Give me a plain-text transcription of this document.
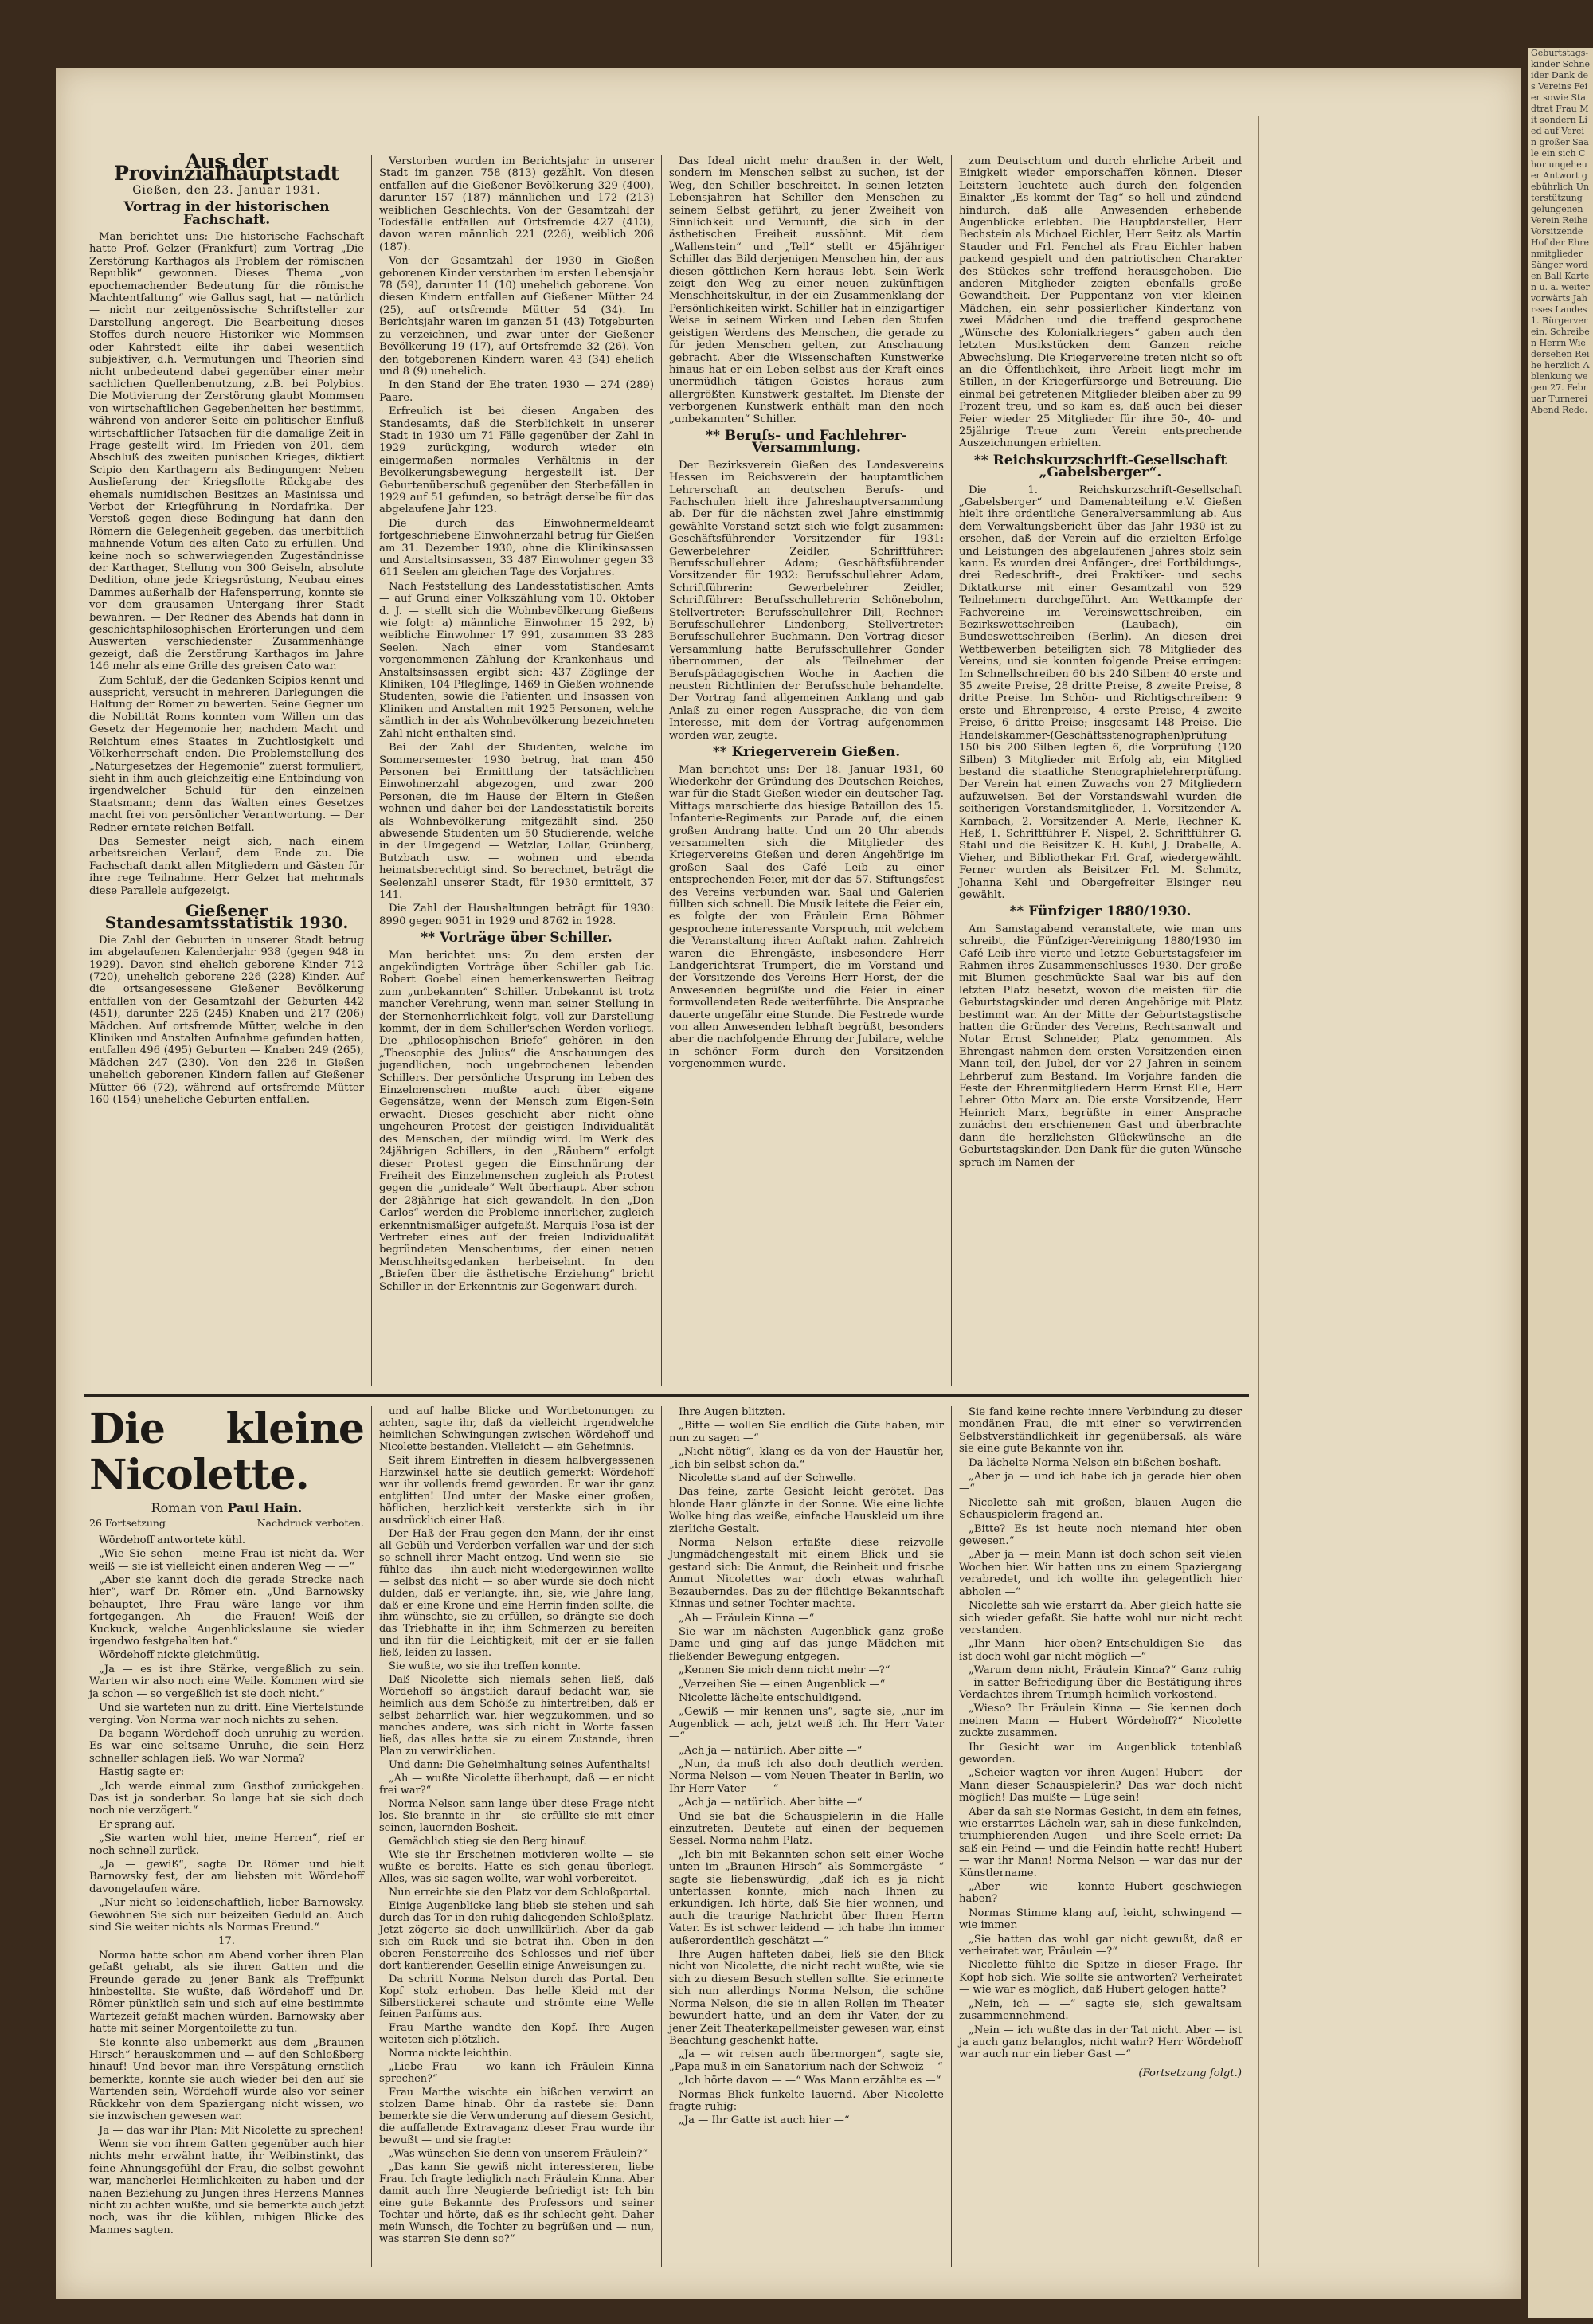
Aus der Provinzialhauptstadt
Gießen, den 23. Januar 1931.
Vortrag in der historischen Fachschaft.

Man berichtet uns: Die historische Fachschaft hatte Prof. Gelzer (Frankfurt) zum Vortrag „Die Zerstörung Karthagos als Problem der römischen Republik“ gewonnen. Dieses Thema „von epochemachender Bedeutung für die römische Machtentfaltung“ wie Gallus sagt, hat — natürlich — nicht nur zeitgenössische Schriftsteller zur Darstellung angeregt. Die Bearbeitung dieses Stoffes durch neuere Historiker wie Mommsen oder Kahrstedt eilte ihr dabei wesentlich subjektiver, d.h. Vermutungen und Theorien sind nicht unbedeutend dabei gegenüber einer mehr sachlichen Quellenbenutzung, z.B. bei Polybios. Die Motivierung der Zerstörung glaubt Mommsen von wirtschaftlichen Gegebenheiten her bestimmt, während von anderer Seite ein politischer Einfluß wirtschaftlicher Tatsachen für die damalige Zeit in Frage gestellt wird. Im Frieden von 201, dem Abschluß des zweiten punischen Krieges, diktiert Scipio den Karthagern als Bedingungen: Neben Auslieferung der Kriegsflotte Rückgabe des ehemals numidischen Besitzes an Masinissa und Verbot der Kriegführung in Nordafrika. Der Verstoß gegen diese Bedingung hat dann den Römern die Gelegenheit gegeben, das unerbittlich mahnende Votum des alten Cato zu erfüllen. Und keine noch so schwerwiegenden Zugeständnisse der Karthager, Stellung von 300 Geiseln, absolute Dedition, ohne jede Kriegsrüstung, Neubau eines Dammes außerhalb der Hafensperrung, konnte sie vor dem grausamen Untergang ihrer Stadt bewahren. — Der Redner des Abends hat dann in geschichtsphilosophischen Erörterungen und dem Auswerten verschiedenster Zusammenhänge gezeigt, daß die Zerstörung Karthagos im Jahre 146 mehr als eine Grille des greisen Cato war.

Zum Schluß, der die Gedanken Scipios kennt und ausspricht, versucht in mehreren Darlegungen die Haltung der Römer zu bewerten. Seine Gegner um die Nobilität Roms konnten vom Willen um das Gesetz der Hegemonie her, nachdem Macht und Reichtum eines Staates in Zuchtlosigkeit und Völkerherrschaft enden. Die Problemstellung des „Naturgesetzes der Hegemonie“ zuerst formuliert, sieht in ihm auch gleichzeitig eine Entbindung von irgendwelcher Schuld für den einzelnen Staatsmann; denn das Walten eines Gesetzes macht frei von persönlicher Verantwortung. — Der Redner erntete reichen Beifall.

Das Semester neigt sich, nach einem arbeitsreichen Verlauf, dem Ende zu. Die Fachschaft dankt allen Mitgliedern und Gästen für ihre rege Teilnahme. Herr Gelzer hat mehrmals diese Parallele aufgezeigt.

Gießener Standesamtsstatistik 1930.

Die Zahl der Geburten in unserer Stadt betrug im abgelaufenen Kalenderjahr 938 (gegen 948 in 1929). Davon sind ehelich geborene Kinder 712 (720), unehelich geborene 226 (228) Kinder. Auf die ortsangesessene Gießener Bevölkerung entfallen von der Gesamtzahl der Geburten 442 (451), darunter 225 (245) Knaben und 217 (206) Mädchen. Auf ortsfremde Mütter, welche in den Kliniken und Anstalten Aufnahme gefunden hatten, entfallen 496 (495) Geburten — Knaben 249 (265), Mädchen 247 (230). Von den 226 in Gießen unehelich geborenen Kindern fallen auf Gießener Mütter 66 (72), während auf ortsfremde Mütter 160 (154) uneheliche Geburten entfallen.

Verstorben wurden im Berichtsjahr in unserer Stadt im ganzen 758 (813) gezählt. Von diesen entfallen auf die Gießener Bevölkerung 329 (400), darunter 157 (187) männlichen und 172 (213) weiblichen Geschlechts. Von der Gesamtzahl der Todesfälle entfallen auf Ortsfremde 427 (413), davon waren männlich 221 (226), weiblich 206 (187).

Von der Gesamtzahl der 1930 in Gießen geborenen Kinder verstarben im ersten Lebensjahr 78 (59), darunter 11 (10) unehelich geborene. Von diesen Kindern entfallen auf Gießener Mütter 24 (25), auf ortsfremde Mütter 54 (34). Im Berichtsjahr waren im ganzen 51 (43) Totgeburten zu verzeichnen, und zwar unter der Gießener Bevölkerung 19 (17), auf Ortsfremde 32 (26). Von den totgeborenen Kindern waren 43 (34) ehelich und 8 (9) unehelich.

In den Stand der Ehe traten 1930 — 274 (289) Paare.

Erfreulich ist bei diesen Angaben des Standesamts, daß die Sterblichkeit in unserer Stadt in 1930 um 71 Fälle gegenüber der Zahl in 1929 zurückging, wodurch wieder ein einigermaßen normales Verhältnis in der Bevölkerungsbewegung hergestellt ist. Der Geburtenüberschuß gegenüber den Sterbefällen in 1929 auf 51 gefunden, so beträgt derselbe für das abgelaufene Jahr 123.

Die durch das Einwohnermeldeamt fortgeschriebene Einwohnerzahl betrug für Gießen am 31. Dezember 1930, ohne die Klinikinsassen und Anstaltsinsassen, 33 487 Einwohner gegen 33 611 Seelen am gleichen Tage des Vorjahres.

Nach Feststellung des Landesstatistischen Amts — auf Grund einer Volkszählung vom 10. Oktober d. J. — stellt sich die Wohnbevölkerung Gießens wie folgt: a) männliche Einwohner 15 292, b) weibliche Einwohner 17 991, zusammen 33 283 Seelen. Nach einer vom Standesamt vorgenommenen Zählung der Krankenhaus- und Anstaltsinsassen ergibt sich: 437 Zöglinge der Kliniken, 104 Pfleglinge, 1469 in Gießen wohnende Studenten, sowie die Patienten und Insassen von Kliniken und Anstalten mit 1925 Personen, welche sämtlich in der als Wohnbevölkerung bezeichneten Zahl nicht enthalten sind.

Bei der Zahl der Studenten, welche im Sommersemester 1930 betrug, hat man 450 Personen bei Ermittlung der tatsächlichen Einwohnerzahl abgezogen, und zwar 200 Personen, die im Hause der Eltern in Gießen wohnen und daher bei der Landesstatistik bereits als Wohnbevölkerung mitgezählt sind, 250 abwesende Studenten um 50 Studierende, welche in der Umgegend — Wetzlar, Lollar, Grünberg, Butzbach usw. — wohnen und ebenda heimatsberechtigt sind. So berechnet, beträgt die Seelenzahl unserer Stadt, für 1930 ermittelt, 37 141.

Die Zahl der Haushaltungen beträgt für 1930: 8990 gegen 9051 in 1929 und 8762 in 1928.

** Vorträge über Schiller.

Man berichtet uns: Zu dem ersten der angekündigten Vorträge über Schiller gab Lic. Robert Goebel einen bemerkenswerten Beitrag zum „unbekannten“ Schiller. Unbekannt ist trotz mancher Verehrung, wenn man seiner Stellung in der Sternenherrlichkeit folgt, voll zur Darstellung kommt, der in dem Schiller'schen Werden vorliegt. Die „philosophischen Briefe“ gehören in den „Theosophie des Julius“ die Anschauungen des jugendlichen, noch ungebrochenen lebenden Schillers. Der persönliche Ursprung im Leben des Einzelmenschen mußte auch über eigene Gegensätze, wenn der Mensch zum Eigen-Sein erwacht. Dieses geschieht aber nicht ohne ungeheuren Protest der geistigen Individualität des Menschen, der mündig wird. Im Werk des 24jährigen Schillers, in den „Räubern“ erfolgt dieser Protest gegen die Einschnürung der Freiheit des Einzelmenschen zugleich als Protest gegen die „unideale“ Welt überhaupt. Aber schon der 28jährige hat sich gewandelt. In den „Don Carlos“ werden die Probleme innerlicher, zugleich erkenntnismäßiger aufgefaßt. Marquis Posa ist der Vertreter eines auf der freien Individualität begründeten Menschentums, der einen neuen Menschheitsgedanken herbeisehnt. In den „Briefen über die ästhetische Erziehung“ bricht Schiller in der Erkenntnis zur Gegenwart durch.

Das Ideal nicht mehr draußen in der Welt, sondern im Menschen selbst zu suchen, ist der Weg, den Schiller beschreitet. In seinen letzten Lebensjahren hat Schiller den Menschen zu seinem Selbst geführt, zu jener Zweiheit von Sinnlichkeit und Vernunft, die sich in der ästhetischen Freiheit aussöhnt. Mit dem „Wallenstein“ und „Tell“ stellt er 45jähriger Schiller das Bild derjenigen Menschen hin, der aus diesen göttlichen Kern heraus lebt. Sein Werk zeigt den Weg zu einer neuen zukünftigen Menschheitskultur, in der ein Zusammenklang der Persönlichkeiten wirkt. Schiller hat in einzigartiger Weise in seinem Wirken und Leben den Stufen geistigen Werdens des Menschen, die gerade zu für jeden Menschen gelten, zur Anschauung gebracht. Aber die Wissenschaften Kunstwerke hinaus hat er ein Leben selbst aus der Kraft eines unermüdlich tätigen Geistes heraus zum allergrößten Kunstwerk gestaltet. Im Dienste der verborgenen Kunstwerk enthält man den noch „unbekannten“ Schiller.

** Berufs- und Fachlehrer-Versammlung.

Der Bezirksverein Gießen des Landesvereins Hessen im Reichsverein der hauptamtlichen Lehrerschaft an deutschen Berufs- und Fachschulen hielt ihre Jahreshauptversammlung ab. Der für die nächsten zwei Jahre einstimmig gewählte Vorstand setzt sich wie folgt zusammen: Geschäftsführender Vorsitzender für 1931: Gewerbelehrer Zeidler, Schriftführer: Berufsschullehrer Adam; Geschäftsführender Vorsitzender für 1932: Berufsschullehrer Adam, Schriftführerin: Gewerbelehrer Zeidler, Schriftführer: Berufsschullehrerin Schönebohm, Stellvertreter: Berufsschullehrer Dill, Rechner: Berufsschullehrer Lindenberg, Stellvertreter: Berufsschullehrer Buchmann. Den Vortrag dieser Versammlung hatte Berufsschullehrer Gonder übernommen, der als Teilnehmer der Berufspädagogischen Woche in Aachen die neusten Richtlinien der Berufsschule behandelte. Der Vortrag fand allgemeinen Anklang und gab Anlaß zu einer regen Aussprache, die von dem Interesse, mit dem der Vortrag aufgenommen worden war, zeugte.

** Kriegerverein Gießen.

Man berichtet uns: Der 18. Januar 1931, 60 Wiederkehr der Gründung des Deutschen Reiches, war für die Stadt Gießen wieder ein deutscher Tag. Mittags marschierte das hiesige Bataillon des 15. Infanterie-Regiments zur Parade auf, die einen großen Andrang hatte. Und um 20 Uhr abends versammelten sich die Mitglieder des Kriegervereins Gießen und deren Angehörige im großen Saal des Café Leib zu einer entsprechenden Feier, mit der das 57. Stiftungsfest des Vereins verbunden war. Saal und Galerien füllten sich schnell. Die Musik leitete die Feier ein, es folgte der von Fräulein Erna Böhmer gesprochene interessante Vorspruch, mit welchem die Veranstaltung ihren Auftakt nahm. Zahlreich waren die Ehrengäste, insbesondere Herr Landgerichtsrat Trumpert, die im Vorstand und der Vorsitzende des Vereins Herr Horst, der die Anwesenden begrüßte und die Feier in einer formvollendeten Rede weiterführte. Die Ansprache dauerte ungefähr eine Stunde. Die Festrede wurde von allen Anwesenden lebhaft begrüßt, besonders aber die nachfolgende Ehrung der Jubilare, welche in schöner Form durch den Vorsitzenden vorgenommen wurde.

zum Deutschtum und durch ehrliche Arbeit und Einigkeit wieder emporschaffen können. Dieser Leitstern leuchtete auch durch den folgenden Einakter „Es kommt der Tag“ so hell und zündend hindurch, daß alle Anwesenden erhebende Augenblicke erlebten. Die Hauptdarsteller, Herr Bechstein als Michael Eichler, Herr Seitz als Martin Stauder und Frl. Fenchel als Frau Eichler haben packend gespielt und den patriotischen Charakter des Stückes sehr treffend herausgehoben. Die anderen Mitglieder zeigten ebenfalls große Gewandtheit. Der Puppentanz von vier kleinen Mädchen, ein sehr possierlicher Kindertanz von zwei Mädchen und die treffend gesprochene „Wünsche des Kolonialkriegers“ gaben auch den letzten Musikstücken dem Ganzen reiche Abwechslung. Die Kriegervereine treten nicht so oft an die Öffentlichkeit, ihre Arbeit liegt mehr im Stillen, in der Kriegerfürsorge und Betreuung. Die einmal bei getretenen Mitglieder bleiben aber zu 99 Prozent treu, und so kam es, daß auch bei dieser Feier wieder 25 Mitglieder für ihre 50-, 40- und 25jährige Treue zum Verein entsprechende Auszeichnungen erhielten.

** Reichskurzschrift-Gesellschaft „Gabelsberger“.

Die 1. Reichskurzschrift-Gesellschaft „Gabelsberger“ und Damenabteilung e.V. Gießen hielt ihre ordentliche Generalversammlung ab. Aus dem Verwaltungsbericht über das Jahr 1930 ist zu ersehen, daß der Verein auf die erzielten Erfolge und Leistungen des abgelaufenen Jahres stolz sein kann. Es wurden drei Anfänger-, drei Fortbildungs-, drei Redeschrift-, drei Praktiker- und sechs Diktatkurse mit einer Gesamtzahl von 529 Teilnehmern durchgeführt. Am Wettkampfe der Fachvereine im Vereinswettschreiben, ein Bezirkswettschreiben (Laubach), ein Bundeswettschreiben (Berlin). An diesen drei Wettbewerben beteiligten sich 78 Mitglieder des Vereins, und sie konnten folgende Preise erringen: Im Schnellschreiben 60 bis 240 Silben: 40 erste und 35 zweite Preise, 28 dritte Preise, 8 zweite Preise, 8 dritte Preise. Im Schön- und Richtigschreiben: 9 erste und Ehrenpreise, 4 erste Preise, 4 zweite Preise, 6 dritte Preise; insgesamt 148 Preise. Die Handelskammer-(Geschäftsstenographen)prüfung 150 bis 200 Silben legten 6, die Vorprüfung (120 Silben) 3 Mitglieder mit Erfolg ab, ein Mitglied bestand die staatliche Stenographielehrerprüfung. Der Verein hat einen Zuwachs von 27 Mitgliedern aufzuweisen. Bei der Vorstandswahl wurden die seitherigen Vorstandsmitglieder, 1. Vorsitzender A. Karnbach, 2. Vorsitzender A. Merle, Rechner K. Heß, 1. Schriftführer F. Nispel, 2. Schriftführer G. Stahl und die Beisitzer K. H. Kuhl, J. Drabelle, A. Vieher, und Bibliothekar Frl. Graf, wiedergewählt. Ferner wurden als Beisitzer Frl. M. Schmitz, Johanna Kehl und Obergefreiter Elsinger neu gewählt.

** Fünfziger 1880/1930.

Am Samstagabend veranstaltete, wie man uns schreibt, die Fünfziger-Vereinigung 1880/1930 im Café Leib ihre vierte und letzte Geburtstagsfeier im Rahmen ihres Zusammenschlusses 1930. Der große mit Blumen geschmückte Saal war bis auf den letzten Platz besetzt, wovon die meisten für die Geburtstagskinder und deren Angehörige mit Platz bestimmt war. An der Mitte der Geburtstagstische hatten die Gründer des Vereins, Rechtsanwalt und Notar Ernst Schneider, Platz genommen. Als Ehrengast nahmen dem ersten Vorsitzenden einen Mann teil, den Jubel, der vor 27 Jahren in seinem Lehrberuf zum Bestand. Im Vorjahre fanden die Feste der Ehrenmitgliedern Herrn Ernst Elle, Herr Lehrer Otto Marx an. Die erste Vorsitzende, Herr Heinrich Marx, begrüßte in einer Ansprache zunächst den erschienenen Gast und überbrachte dann die herzlichsten Glückwünsche an die Geburtstagskinder. Den Dank für die guten Wünsche sprach im Namen der

Die kleine Nicolette.
Roman von Paul Hain.
26 Fortsetzung	Nachdruck verboten.

Wördehoff antwortete kühl.

„Wie Sie sehen — meine Frau ist nicht da. Wer weiß — sie ist vielleicht einen anderen Weg — —“

„Aber sie kannt doch die gerade Strecke nach hier“, warf Dr. Römer ein. „Und Barnowsky behauptet, Ihre Frau wäre lange vor ihm fortgegangen. Ah — die Frauen! Weiß der Kuckuck, welche Augenblickslaune sie wieder irgendwo festgehalten hat.“

Wördehoff nickte gleichmütig.

„Ja — es ist ihre Stärke, vergeßlich zu sein. Warten wir also noch eine Weile. Kommen wird sie ja schon — so vergeßlich ist sie doch nicht.“

Und sie warteten nun zu dritt. Eine Viertelstunde verging. Von Norma war noch nichts zu sehen.

Da begann Wördehoff doch unruhig zu werden. Es war eine seltsame Unruhe, die sein Herz schneller schlagen ließ. Wo war Norma?

Hastig sagte er:

„Ich werde einmal zum Gasthof zurückgehen. Das ist ja sonderbar. So lange hat sie sich doch noch nie verzögert.“

Er sprang auf.

„Sie warten wohl hier, meine Herren“, rief er noch schnell zurück.

„Ja — gewiß“, sagte Dr. Römer und hielt Barnowsky fest, der am liebsten mit Wördehoff davongelaufen wäre.

„Nur nicht so leidenschaftlich, lieber Barnowsky. Gewöhnen Sie sich nur beizeiten Geduld an. Auch sind Sie weiter nichts als Normas Freund.“

17.

Norma hatte schon am Abend vorher ihren Plan gefaßt gehabt, als sie ihren Gatten und die Freunde gerade zu jener Bank als Treffpunkt hinbestellte. Sie wußte, daß Wördehoff und Dr. Römer pünktlich sein und sich auf eine bestimmte Wartezeit gefaßt machen würden. Barnowsky aber hatte mit seiner Morgentoilette zu tun.

Sie konnte also unbemerkt aus dem „Braunen Hirsch“ herauskommen und — auf den Schloßberg hinauf! Und bevor man ihre Verspätung ernstlich bemerkte, konnte sie auch wieder bei den auf sie Wartenden sein, Wördehoff würde also vor seiner Rückkehr von dem Spaziergang nicht wissen, wo sie inzwischen gewesen war.

Ja — das war ihr Plan: Mit Nicolette zu sprechen!

Wenn sie von ihrem Gatten gegenüber auch hier nichts mehr erwähnt hatte, ihr Weibinstinkt, das feine Ahnungsgefühl der Frau, die selbst gewohnt war, mancherlei Heimlichkeiten zu haben und der nahen Beziehung zu Jungen ihres Herzens Mannes nicht zu achten wußte, und sie bemerkte auch jetzt noch, was ihr die kühlen, ruhigen Blicke des Mannes sagten.

und auf halbe Blicke und Wortbetonungen zu achten, sagte ihr, daß da vielleicht irgendwelche heimlichen Schwingungen zwischen Wördehoff und Nicolette bestanden. Vielleicht — ein Geheimnis.

Seit ihrem Eintreffen in diesem halbvergessenen Harzwinkel hatte sie deutlich gemerkt: Wördehoff war ihr vollends fremd geworden. Er war ihr ganz entglitten! Und unter der Maske einer großen, höflichen, herzlichkeit versteckte sich in ihr ausdrücklich einer Haß.

Der Haß der Frau gegen den Mann, der ihr einst all Gebüh und Verderben verfallen war und der sich so schnell ihrer Macht entzog. Und wenn sie — sie fühlte das — ihn auch nicht wiedergewinnen wollte — selbst das nicht — so aber würde sie doch nicht dulden, daß er verlangte, ihn, sie, wie Jahre lang, daß er eine Krone und eine Herrin finden sollte, die ihm wünschte, sie zu erfüllen, so drängte sie doch das Triebhafte in ihr, ihm Schmerzen zu bereiten und ihn für die Leichtigkeit, mit der er sie fallen ließ, leiden zu lassen.

Sie wußte, wo sie ihn treffen konnte.

Daß Nicolette sich niemals sehen ließ, daß Wördehoff so ängstlich darauf bedacht war, sie heimlich aus dem Schöße zu hintertreiben, daß er selbst beharrlich war, hier wegzukommen, und so manches andere, was sich nicht in Worte fassen ließ, das alles hatte sie zu einem Zustande, ihren Plan zu verwirklichen.

Und dann: Die Geheimhaltung seines Aufenthalts!

„Ah — wußte Nicolette überhaupt, daß — er nicht frei war?“

Norma Nelson sann lange über diese Frage nicht los. Sie brannte in ihr — sie erfüllte sie mit einer seinen, lauernden Bosheit. —

Gemächlich stieg sie den Berg hinauf.

Wie sie ihr Erscheinen motivieren wollte — sie wußte es bereits. Hatte es sich genau überlegt. Alles, was sie sagen wollte, war wohl vorbereitet.

Nun erreichte sie den Platz vor dem Schloßportal.

Einige Augenblicke lang blieb sie stehen und sah durch das Tor in den ruhig daliegenden Schloßplatz. Jetzt zögerte sie doch unwillkürlich. Aber da gab sich ein Ruck und sie betrat ihn. Oben in den oberen Fensterreihe des Schlosses und rief über dort kantierenden Gesellin einige Anweisungen zu.

Da schritt Norma Nelson durch das Portal. Den Kopf stolz erhoben. Das helle Kleid mit der Silberstickerei schaute und strömte eine Welle feinen Parfüms aus.

Frau Marthe wandte den Kopf. Ihre Augen weiteten sich plötzlich.

Norma nickte leichthin.

„Liebe Frau — wo kann ich Fräulein Kinna sprechen?“

Frau Marthe wischte ein bißchen verwirrt an stolzen Dame hinab. Ohr da rastete sie: Dann bemerkte sie die Verwunderung auf diesem Gesicht, die auffallende Extravaganz dieser Frau wurde ihr bewußt — und sie fragte:

„Was wünschen Sie denn von unserem Fräulein?“

„Das kann Sie gewiß nicht interessieren, liebe Frau. Ich fragte lediglich nach Fräulein Kinna. Aber damit auch Ihre Neugierde befriedigt ist: Ich bin eine gute Bekannte des Professors und seiner Tochter und hörte, daß es ihr schlecht geht. Daher mein Wunsch, die Tochter zu begrüßen und — nun, was starren Sie denn so?“

Ihre Augen blitzten.

„Bitte — wollen Sie endlich die Güte haben, mir nun zu sagen —“

„Nicht nötig“, klang es da von der Haustür her, „ich bin selbst schon da.“

Nicolette stand auf der Schwelle.

Das feine, zarte Gesicht leicht gerötet. Das blonde Haar glänzte in der Sonne. Wie eine lichte Wolke hing das weiße, einfache Hauskleid um ihre zierliche Gestalt.

Norma Nelson erfaßte diese reizvolle Jungmädchengestalt mit einem Blick und sie gestand sich: Die Anmut, die Reinheit und frische Anmut Nicolettes war doch etwas wahrhaft Bezauberndes. Das zu der flüchtige Bekanntschaft Kinnas und seiner Tochter machte.

„Ah — Fräulein Kinna —“

Sie war im nächsten Augenblick ganz große Dame und ging auf das junge Mädchen mit fließender Bewegung entgegen.

„Kennen Sie mich denn nicht mehr —?“

„Verzeihen Sie — einen Augenblick —“

Nicolette lächelte entschuldigend.

„Gewiß — mir kennen uns“, sagte sie, „nur im Augenblick — ach, jetzt weiß ich. Ihr Herr Vater —“

„Ach ja — natürlich. Aber bitte —“

„Nun, da muß ich also doch deutlich werden. Norma Nelson — vom Neuen Theater in Berlin, wo Ihr Herr Vater — —“

„Ach ja — natürlich. Aber bitte —“

Und sie bat die Schauspielerin in die Halle einzutreten. Deutete auf einen der bequemen Sessel. Norma nahm Platz.

„Ich bin mit Bekannten schon seit einer Woche unten im „Braunen Hirsch“ als Sommergäste —“ sagte sie liebenswürdig, „daß ich es ja nicht unterlassen konnte, mich nach Ihnen zu erkundigen. Ich hörte, daß Sie hier wohnen, und auch die traurige Nachricht über Ihren Herrn Vater. Es ist schwer leidend — ich habe ihn immer außerordentlich geschätzt —“

Ihre Augen hafteten dabei, ließ sie den Blick nicht von Nicolette, die nicht recht wußte, wie sie sich zu diesem Besuch stellen sollte. Sie erinnerte sich nun allerdings Norma Nelson, die schöne Norma Nelson, die sie in allen Rollen im Theater bewundert hatte, und an dem ihr Vater, der zu jener Zeit Theaterkapellmeister gewesen war, einst Beachtung geschenkt hatte.

„Ja — wir reisen auch übermorgen“, sagte sie, „Papa muß in ein Sanatorium nach der Schweiz —“

„Ich hörte davon — —“ Was Mann erzählte es —“

Normas Blick funkelte lauernd. Aber Nicolette fragte ruhig:

„Ja — Ihr Gatte ist auch hier —“

Sie fand keine rechte innere Verbindung zu dieser mondänen Frau, die mit einer so verwirrenden Selbstverständlichkeit ihr gegenübersaß, als wäre sie eine gute Bekannte von ihr.

Da lächelte Norma Nelson ein bißchen boshaft.

„Aber ja — und ich habe ich ja gerade hier oben —“

Nicolette sah mit großen, blauen Augen die Schauspielerin fragend an.

„Bitte? Es ist heute noch niemand hier oben gewesen.“

„Aber ja — mein Mann ist doch schon seit vielen Wochen hier. Wir hatten uns zu einem Spaziergang verabredet, und ich wollte ihn gelegentlich hier abholen —“

Nicolette sah wie erstarrt da. Aber gleich hatte sie sich wieder gefaßt. Sie hatte wohl nur nicht recht verstanden.

„Ihr Mann — hier oben? Entschuldigen Sie — das ist doch wohl gar nicht möglich —“

„Warum denn nicht, Fräulein Kinna?“ Ganz ruhig — in satter Befriedigung über die Bestätigung ihres Verdachtes ihrem Triumph heimlich vorkostend.

„Wieso? Ihr Fräulein Kinna — Sie kennen doch meinen Mann — Hubert Wördehoff?“ Nicolette zuckte zusammen.

Ihr Gesicht war im Augenblick totenblaß geworden.

„Scheier wagten vor ihren Augen! Hubert — der Mann dieser Schauspielerin? Das war doch nicht möglich! Das mußte — Lüge sein!

Aber da sah sie Normas Gesicht, in dem ein feines, wie erstarrtes Lächeln war, sah in diese funkelnden, triumphierenden Augen — und ihre Seele erriet: Da saß ein Feind — und die Feindin hatte recht! Hubert — war ihr Mann! Norma Nelson — war das nur der Künstlername.

„Aber — wie — konnte Hubert geschwiegen haben?

Normas Stimme klang auf, leicht, schwingend — wie immer.

„Sie hatten das wohl gar nicht gewußt, daß er verheiratet war, Fräulein —?“

Nicolette fühlte die Spitze in dieser Frage. Ihr Kopf hob sich. Wie sollte sie antworten? Verheiratet — wie war es möglich, daß Hubert gelogen hatte?

„Nein, ich — —“ sagte sie, sich gewaltsam zusammennehmend.

„Nein — ich wußte das in der Tat nicht. Aber — ist ja auch ganz belanglos, nicht wahr? Herr Wördehoff war auch nur ein lieber Gast —“

(Fortsetzung folgt.)
Geburtstags-kinder Schneider Dank des Vereins Feier sowie Stadtrat Frau Mit sondern Lied auf Verein großer Saale ein sich Chor ungeheuer Antwort gebührlich Unterstützung gelungenen Verein Reihe Vorsitzende Hof der Ehrenmitglieder Sänger worden Ball Karten u. a. weiter vorwärts Jahr-ses Landes 1. Bürgerverein. Schreiben Herrn Wiedersehen Reihe herzlich Ablenkung wegen 27. Februar Turnerei Abend Rede.
